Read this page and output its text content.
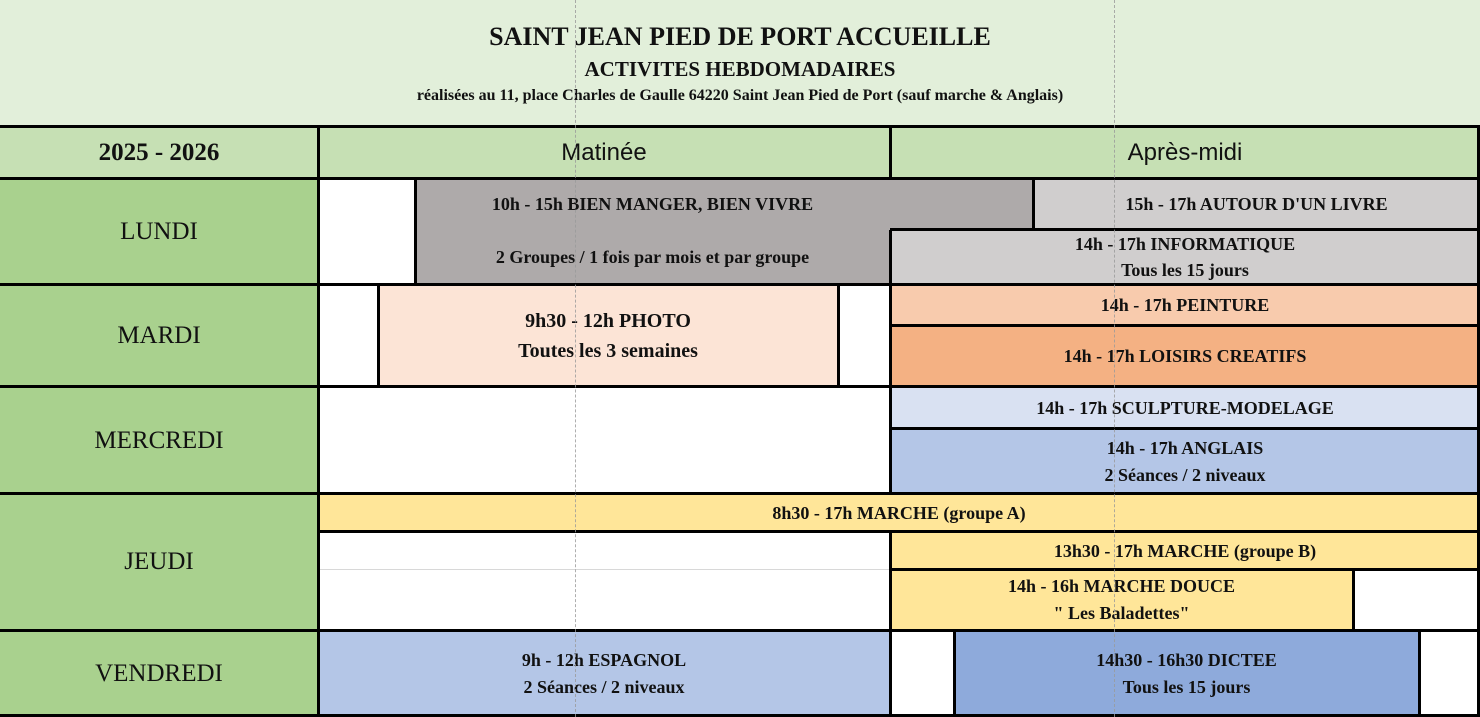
SAINT JEAN PIED DE PORT ACCUEILLE
ACTIVITES HEBDOMADAIRES
réalisées au 11, place Charles de Gaulle 64220 Saint Jean Pied de Port (sauf marche & Anglais)
2025 - 2026	Matinée	Après-midi
LUNDI
MARDI
MERCREDI
JEUDI
VENDREDI
10h - 15h BIEN MANGER, BIEN VIVRE
2 Groupes / 1 fois par mois et par groupe
15h - 17h AUTOUR D'UN LIVRE
14h - 17h INFORMATIQUE
Tous les 15 jours
9h30 - 12h PHOTO
Toutes les 3 semaines
14h - 17h PEINTURE
14h - 17h LOISIRS CREATIFS
14h - 17h SCULPTURE-MODELAGE
14h - 17h ANGLAIS
2 Séances / 2 niveaux
8h30 - 17h MARCHE (groupe A)
13h30 - 17h MARCHE (groupe B)
14h - 16h MARCHE DOUCE
" Les Baladettes"
9h - 12h ESPAGNOL
2 Séances / 2 niveaux
14h30 - 16h30 DICTEE
Tous les 15 jours
